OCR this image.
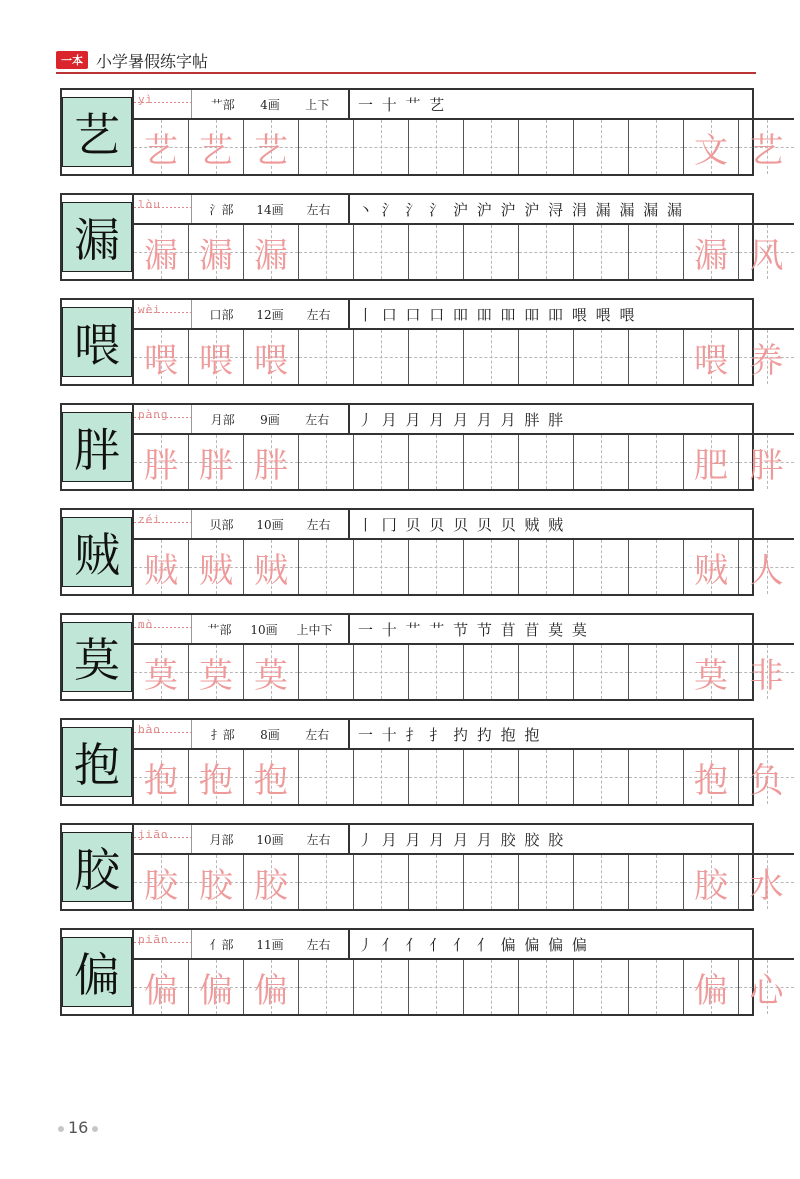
一本 小学暑假练字帖
艺
yì	艹部 4画 上下	一 十 艹 艺
艺 艺 艺	文 艺
漏
lòu	氵部 14画 左右	丶 氵 氵 氵 沪 沪 沪 沪 浔 涓 漏 漏 漏 漏
漏 漏 漏	漏 风
喂
wèi	口部 12画 左右	丨 口 口 口 吅 吅 吅 吅 吅 喂 喂 喂
喂 喂 喂	喂 养
胖
pàng	月部 9画 左右	丿 月 月 月 月 月 月 胖 胖
胖 胖 胖	肥 胖
贼
zéi	贝部 10画 左右	丨 冂 贝 贝 贝 贝 贝 贼 贼
贼 贼 贼	贼 人
莫
mò	艹部 10画 上中下	一 十 艹 艹 节 节 苜 苜 莫 莫
莫 莫 莫	莫 非
抱
bào	扌部 8画 左右	一 十 扌 扌 扚 扚 抱 抱
抱 抱 抱	抱 负
胶
jiāo	月部 10画 左右	丿 月 月 月 月 月 胶 胶 胶
胶 胶 胶	胶 水
偏
piān	亻部 11画 左右	丿 亻 亻 亻 亻 亻 偏 偏 偏 偏
偏 偏 偏	偏 心
16
